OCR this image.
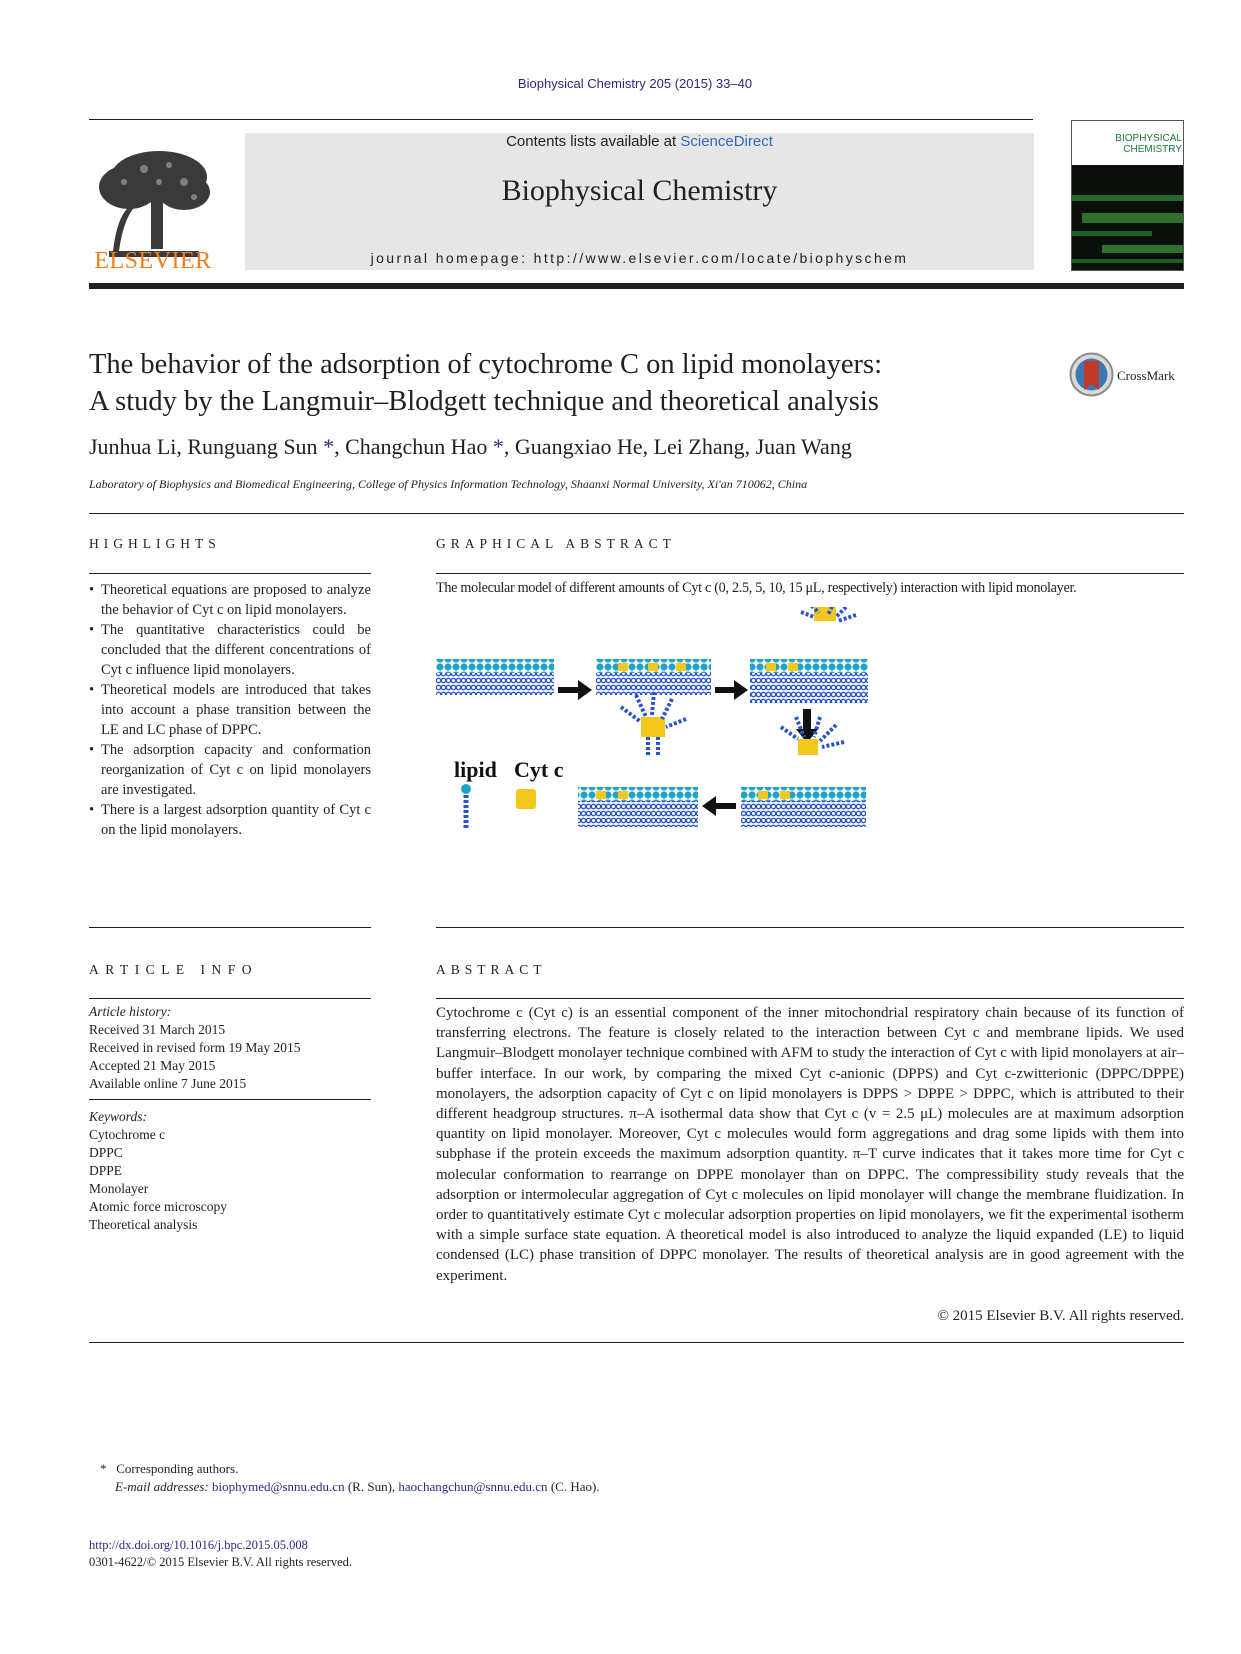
Biophysical Chemistry 205 (2015) 33–40
ELSEVIER
Contents lists available at ScienceDirect
Biophysical Chemistry
journal homepage: http://www.elsevier.com/locate/biophyschem
BIOPHYSICAL
CHEMISTRY
The behavior of the adsorption of cytochrome C on lipid monolayers:
A study by the Langmuir–Blodgett technique and theoretical analysis
CrossMark
Junhua Li, Runguang Sun *, Changchun Hao *, Guangxiao He, Lei Zhang, Juan Wang
Laboratory of Biophysics and Biomedical Engineering, College of Physics Information Technology, Shaanxi Normal University, Xi'an 710062, China
HIGHLIGHTS
• Theoretical equations are proposed to analyze the behavior of Cyt c on lipid monolayers.
• The quantitative characteristics could be concluded that the different concentrations of Cyt c influence lipid monolayers.
• Theoretical models are introduced that takes into account a phase transition between the LE and LC phase of DPPC.
• The adsorption capacity and conformation reorganization of Cyt c on lipid monolayers are investigated.
• There is a largest adsorption quantity of Cyt c on the lipid monolayers.
GRAPHICAL ABSTRACT
The molecular model of different amounts of Cyt c (0, 2.5, 5, 10, 15 μL, respectively) interaction with lipid monolayer.
lipid Cyt c
ARTICLE INFO
Article history:
Received 31 March 2015
Received in revised form 19 May 2015
Accepted 21 May 2015
Available online 7 June 2015
Keywords:
Cytochrome c
DPPC
DPPE
Monolayer
Atomic force microscopy
Theoretical analysis
ABSTRACT
Cytochrome c (Cyt c) is an essential component of the inner mitochondrial respiratory chain because of its function of transferring electrons. The feature is closely related to the interaction between Cyt c and membrane lipids. We used Langmuir–Blodgett monolayer technique combined with AFM to study the interaction of Cyt c with lipid monolayers at air–buffer interface. In our work, by comparing the mixed Cyt c-anionic (DPPS) and Cyt c-zwitterionic (DPPC/DPPE) monolayers, the adsorption capacity of Cyt c on lipid monolayers is DPPS > DPPE > DPPC, which is attributed to their different headgroup structures. π–A isothermal data show that Cyt c (v = 2.5 μL) molecules are at maximum adsorption quantity on lipid monolayer. Moreover, Cyt c molecules would form aggregations and drag some lipids with them into subphase if the protein exceeds the maximum adsorption quantity. π–T curve indicates that it takes more time for Cyt c molecular conformation to rearrange on DPPE monolayer than on DPPC. The compressibility study reveals that the adsorption or intermolecular aggregation of Cyt c molecules on lipid monolayer will change the membrane fluidization. In order to quantitatively estimate Cyt c molecular adsorption properties on lipid monolayers, we fit the experimental isotherm with a simple surface state equation. A theoretical model is also introduced to analyze the liquid expanded (LE) to liquid condensed (LC) phase transition of DPPC monolayer. The results of theoretical analysis are in good agreement with the experiment.
© 2015 Elsevier B.V. All rights reserved.
* Corresponding authors.
E-mail addresses: biophymed@snnu.edu.cn (R. Sun), haochangchun@snnu.edu.cn (C. Hao).
http://dx.doi.org/10.1016/j.bpc.2015.05.008
0301-4622/© 2015 Elsevier B.V. All rights reserved.
